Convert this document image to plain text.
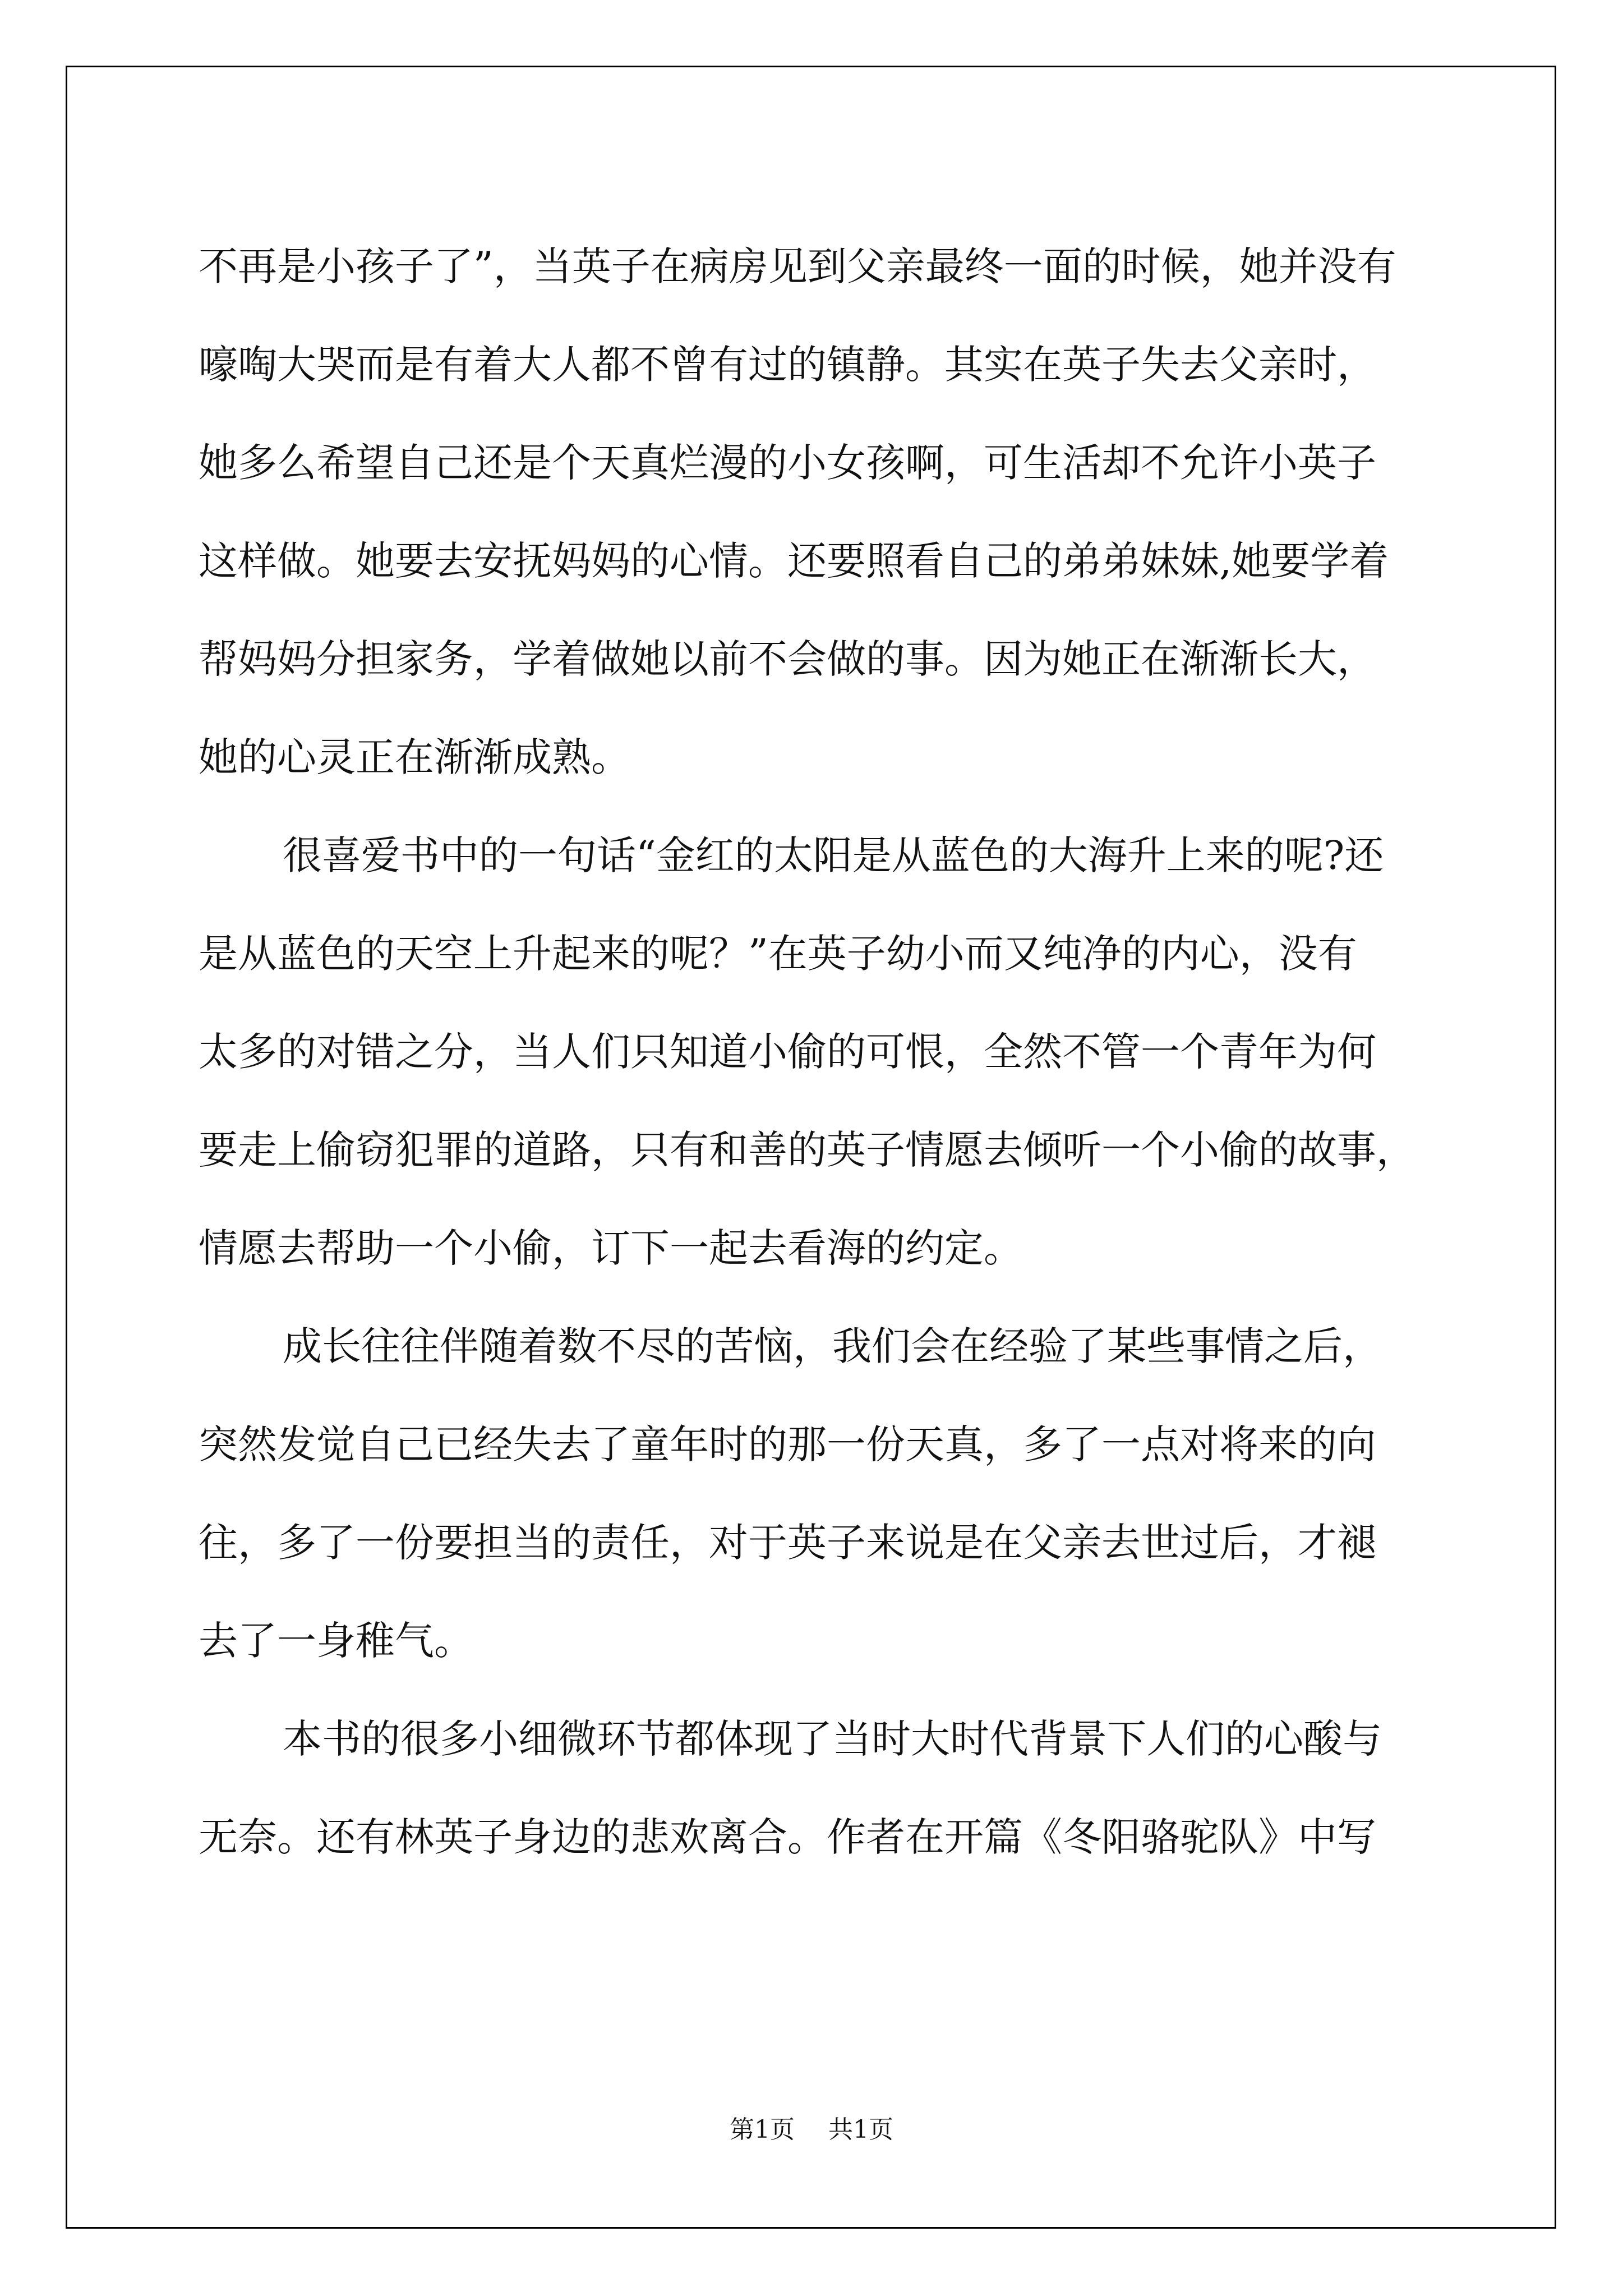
不再是小孩子了”，当英子在病房见到父亲最终一面的时候，她并没有
嚎啕大哭而是有着大人都不曾有过的镇静。其实在英子失去父亲时，
她多么希望自己还是个天真烂漫的小女孩啊，可生活却不允许小英子
这样做。她要去安抚妈妈的心情。还要照看自己的弟弟妹妹,她要学着
帮妈妈分担家务，学着做她以前不会做的事。因为她正在渐渐长大，
她的心灵正在渐渐成熟。
很喜爱书中的一句话“金红的太阳是从蓝色的大海升上来的呢?还
是从蓝色的天空上升起来的呢？”在英子幼小而又纯净的内心，没有
太多的对错之分，当人们只知道小偷的可恨，全然不管一个青年为何
要走上偷窃犯罪的道路，只有和善的英子情愿去倾听一个小偷的故事，
情愿去帮助一个小偷，订下一起去看海的约定。
成长往往伴随着数不尽的苦恼，我们会在经验了某些事情之后，
突然发觉自己已经失去了童年时的那一份天真，多了一点对将来的向
往，多了一份要担当的责任，对于英子来说是在父亲去世过后，才褪
去了一身稚气。
本书的很多小细微环节都体现了当时大时代背景下人们的心酸与
无奈。还有林英子身边的悲欢离合。作者在开篇《冬阳骆驼队》中写
第1页 共1页
